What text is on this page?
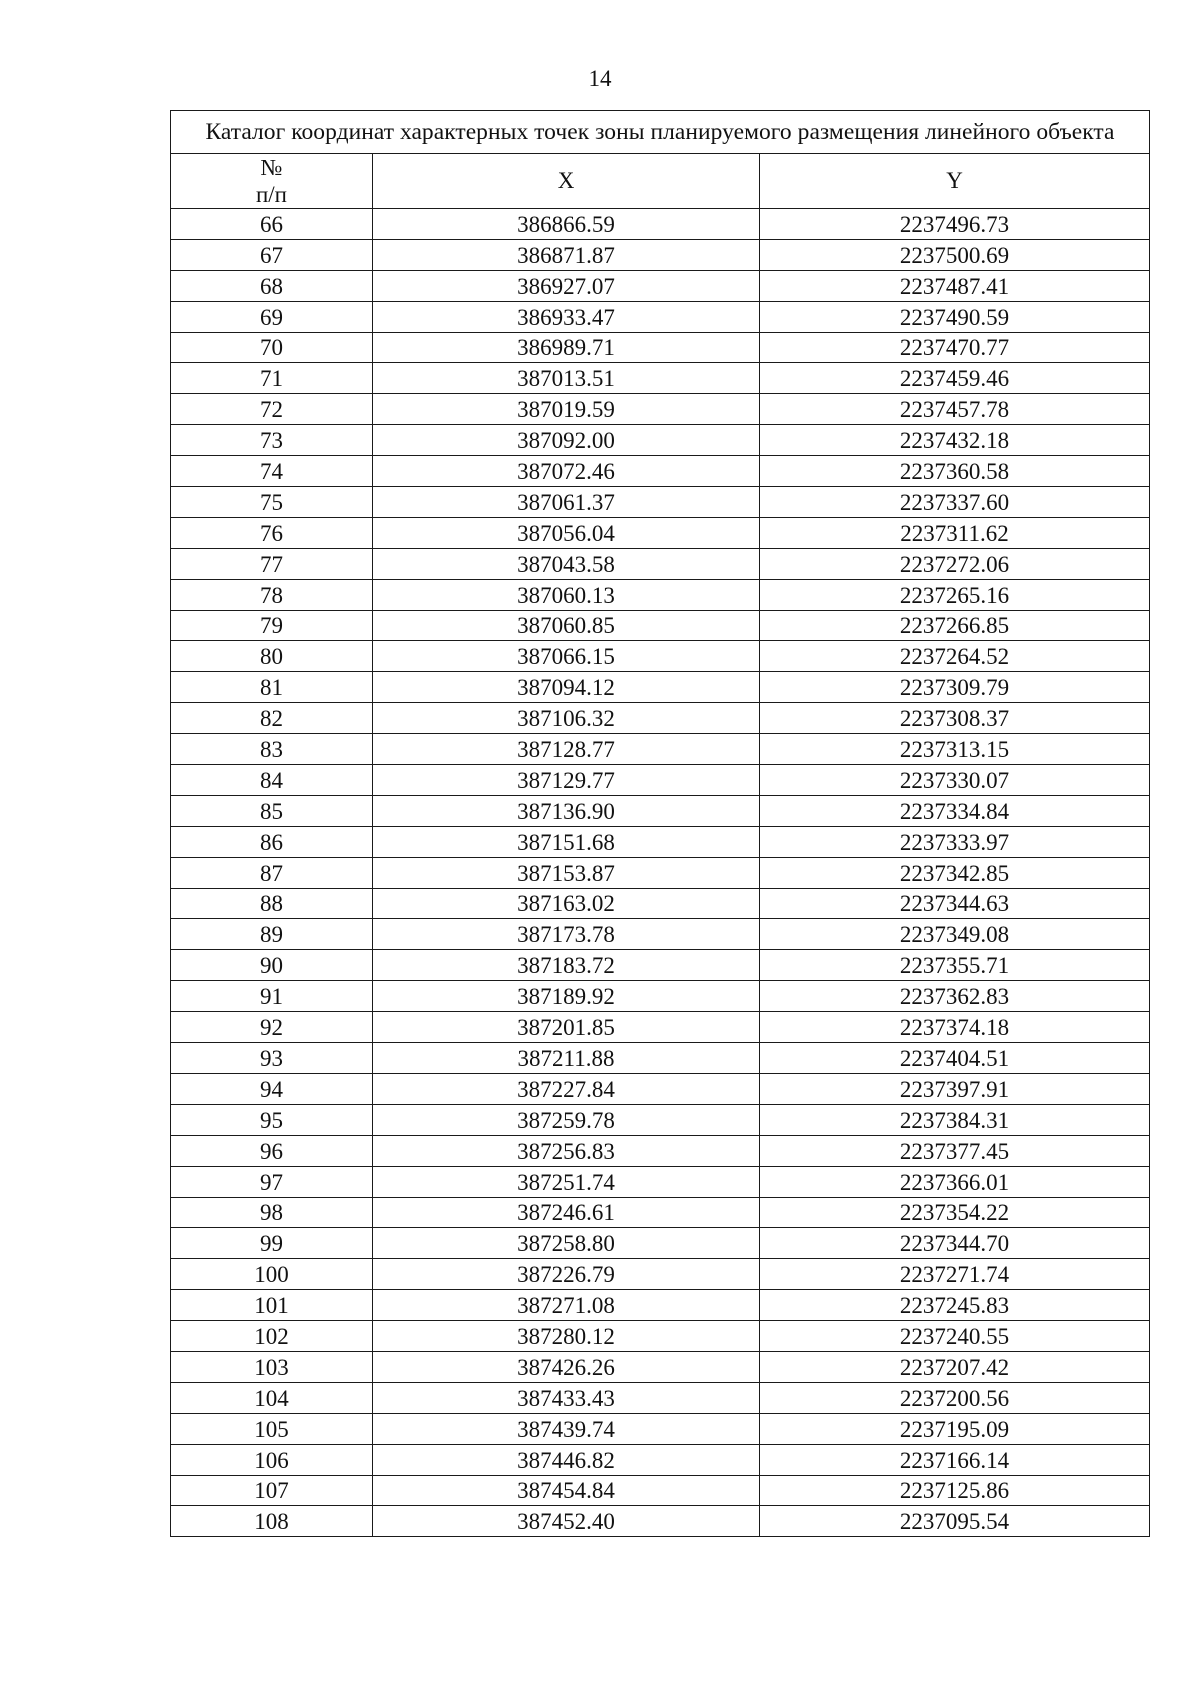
14
Каталог координат характерных точек зоны планируемого размещения линейного объекта		

№
п/п	X	Y
66	386866.59	2237496.73
67	386871.87	2237500.69
68	386927.07	2237487.41
69	386933.47	2237490.59
70	386989.71	2237470.77
71	387013.51	2237459.46
72	387019.59	2237457.78
73	387092.00	2237432.18
74	387072.46	2237360.58
75	387061.37	2237337.60
76	387056.04	2237311.62
77	387043.58	2237272.06
78	387060.13	2237265.16
79	387060.85	2237266.85
80	387066.15	2237264.52
81	387094.12	2237309.79
82	387106.32	2237308.37
83	387128.77	2237313.15
84	387129.77	2237330.07
85	387136.90	2237334.84
86	387151.68	2237333.97
87	387153.87	2237342.85
88	387163.02	2237344.63
89	387173.78	2237349.08
90	387183.72	2237355.71
91	387189.92	2237362.83
92	387201.85	2237374.18
93	387211.88	2237404.51
94	387227.84	2237397.91
95	387259.78	2237384.31
96	387256.83	2237377.45
97	387251.74	2237366.01
98	387246.61	2237354.22
99	387258.80	2237344.70
100	387226.79	2237271.74
101	387271.08	2237245.83
102	387280.12	2237240.55
103	387426.26	2237207.42
104	387433.43	2237200.56
105	387439.74	2237195.09
106	387446.82	2237166.14
107	387454.84	2237125.86
108	387452.40	2237095.54
